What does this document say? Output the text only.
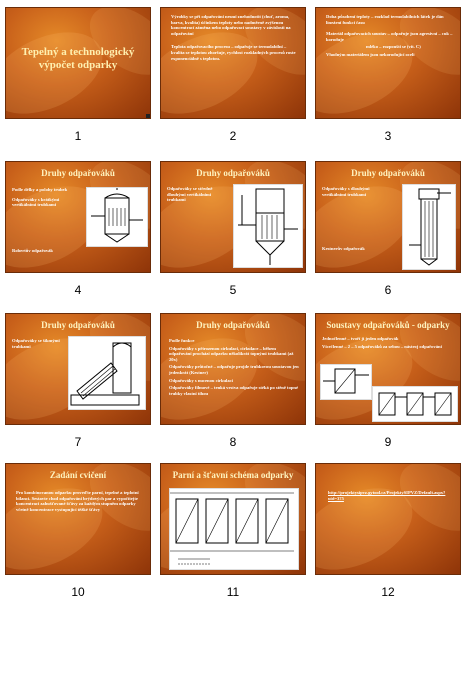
Tepelný a technologický výpočet odparky
1

Výrobky se při odpařování nesmí znehodnotit (chuť, aroma, barva, kvalita) účinkem teploty nebo nadměrně zvýšenou koncentrací záměna nebo odpařovací soustavy v závislosti na odpařování

Teplota odpařovacího procesu – odpařuje se termolabilní – kvalita se teplotou zhoršuje, rychlost rozkladných procesů roste exponenciálně s teplotou.

2

Doba působení teploty – rozklad termolabilních látek je dán lineární funkcí času

Materiál odpařovacích soustav – odpařuje jsou agresivní – cuk – koroduje

mléko – rozpouští se (vit. C)

Vhodným materiálem jsou nekorodující oceli

3
Druhy odpařováků

Podle délky a polohy trubek

Odpařováky s krátkými vertikálními trubkami

Robertův odpařovák
4
Druhy odpařováků

Odpařováky se středně dlouhými vertikálními trubkami

5
Druhy odpařováků

Odpařováky s dlouhými vertikálními trubkami

Kestnerův odpařovák
6
Druhy odpařováků

Odpařováky se šikmými trubkami

7
Druhy odpařováků

Podle funkce

Odpařováky s přirozenou cirkulací, cirkulace – během odpařování prochází odparku několikrát topnými trubkami (až 20x)

Odpařováky průtočné – odpařuje projde trubkovou soustavou jen jedenkrát (Kestner)

Odpařováky s nucenou cirkulací

Odpařováky filmové – tenká vrstva odpařuje stéká po stěně topné trubky vlastní tíhou

8
Soustavy odpařováků - odparky

Jednočlenné – tvoří ji jeden odpařovák

Vícečlenné – 2 – 5 odpařováků za sebou – nástroj odpařování

9
Zadání cvičení

Pro kombinovanou odparku proveďte parní, tepelné a teplotní bilanci. Sestavte chod odpařování brýdových par a vypočítejte koncentraci zahušťované šťávy za každým stupněm odparky včetně koncentrace vystupující těžké šťávy

10
Parní a šťavní schéma odparky
11
http://projektysipvz.gytool.cz/ProjektySIPVZ/Default.aspx?uid=375
12
